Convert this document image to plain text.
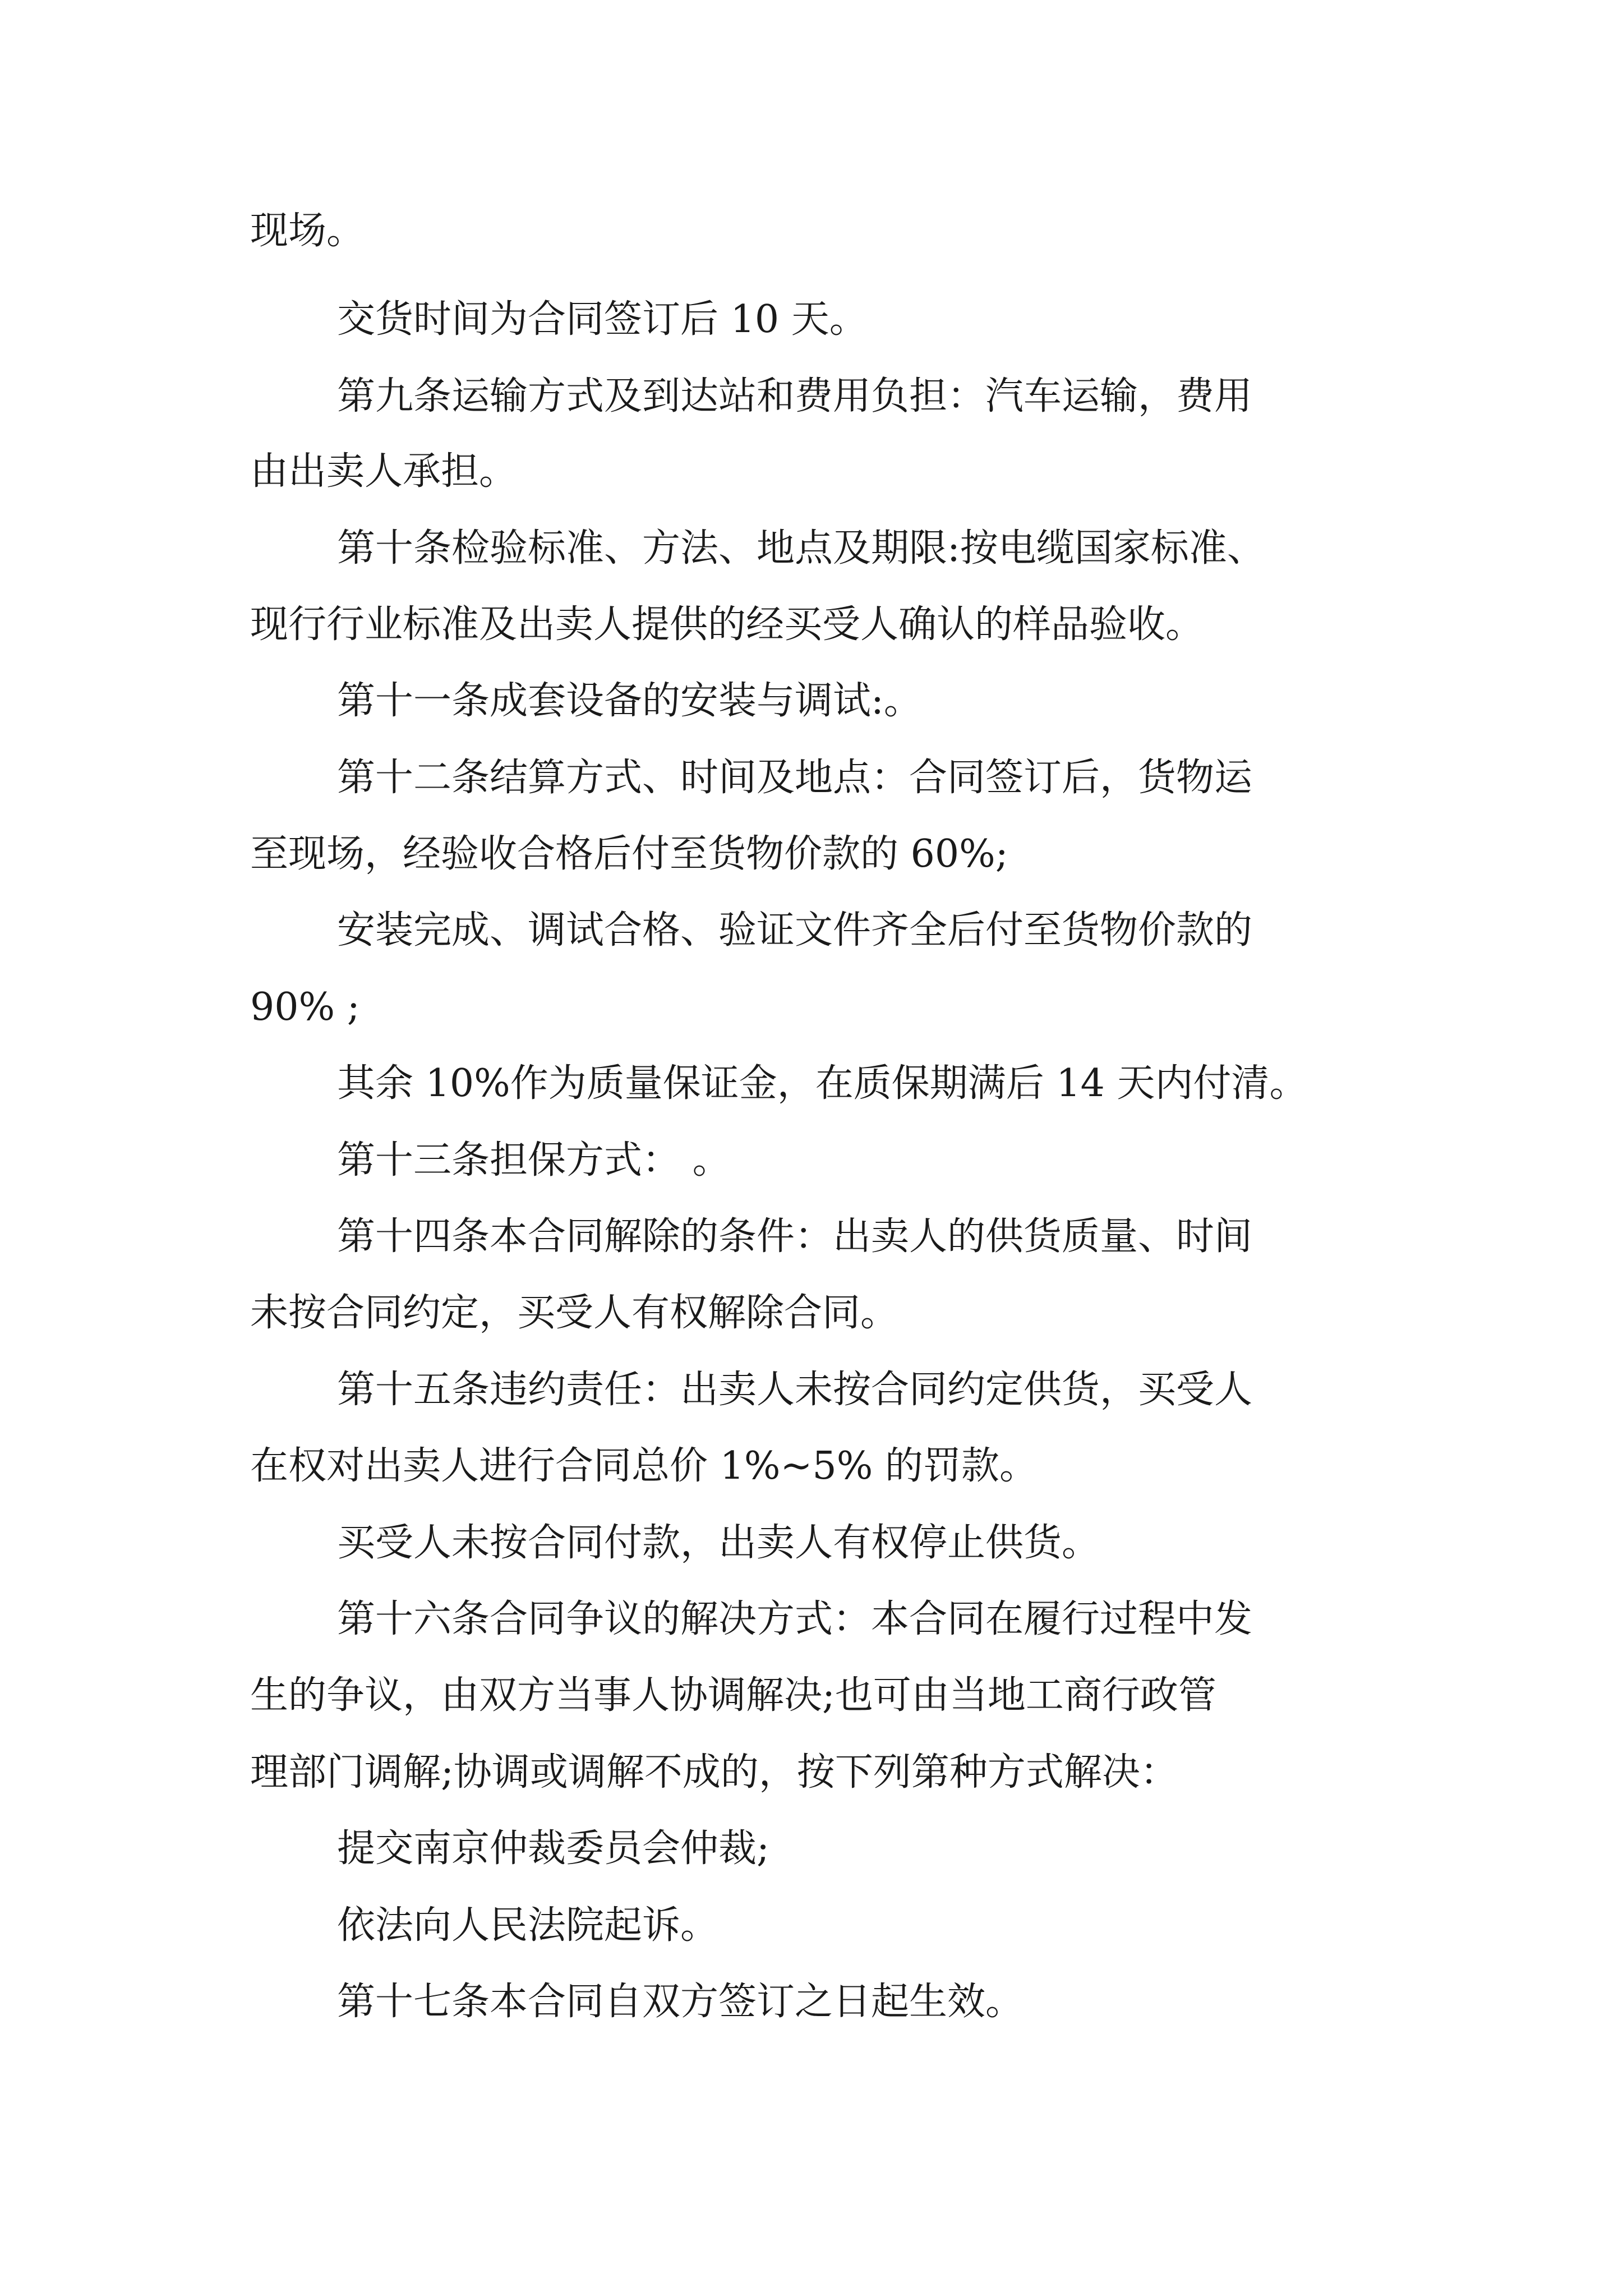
现场。
交货时间为合同签订后 10 天。
第九条运输方式及到达站和费用负担：汽车运输，费用
由出卖人承担。
第十条检验标准、方法、地点及期限:按电缆国家标准、
现行行业标准及出卖人提供的经买受人确认的样品验收。
第十一条成套设备的安装与调试:。
第十二条结算方式、时间及地点：合同签订后，货物运
至现场，经验收合格后付至货物价款的 60%;
安装完成、调试合格、验证文件齐全后付至货物价款的
90% ;
其余 10%作为质量保证金，在质保期满后 14 天内付清。
第十三条担保方式： 。
第十四条本合同解除的条件：出卖人的供货质量、时间
未按合同约定，买受人有权解除合同。
第十五条违约责任：出卖人未按合同约定供货，买受人
在权对出卖人进行合同总价 1%~5% 的罚款。
买受人未按合同付款，出卖人有权停止供货。
第十六条合同争议的解决方式：本合同在履行过程中发
生的争议，由双方当事人协调解决;也可由当地工商行政管
理部门调解;协调或调解不成的，按下列第种方式解决：
提交南京仲裁委员会仲裁;
依法向人民法院起诉。
第十七条本合同自双方签订之日起生效。
